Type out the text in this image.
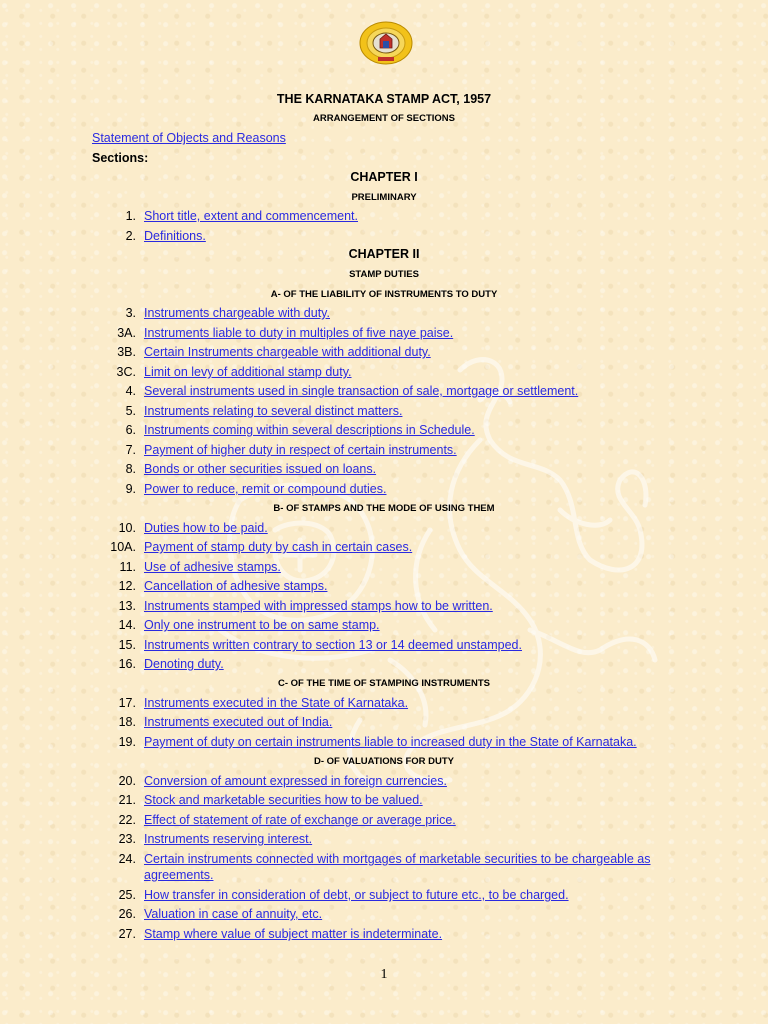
THE KARNATAKA STAMP ACT, 1957
ARRANGEMENT OF SECTIONS
Statement of Objects and Reasons
Sections:
CHAPTER I
PRELIMINARY
1. Short title, extent and commencement.
2. Definitions.
CHAPTER II
STAMP DUTIES
A- OF THE LIABILITY OF INSTRUMENTS TO DUTY
3. Instruments chargeable with duty.
3A. Instruments liable to duty in multiples of five naye paise.
3B. Certain Instruments chargeable with additional duty.
3C. Limit on levy of additional stamp duty.
4. Several instruments used in single transaction of sale, mortgage or settlement.
5. Instruments relating to several distinct matters.
6. Instruments coming within several descriptions in Schedule.
7. Payment of higher duty in respect of certain instruments.
8. Bonds or other securities issued on loans.
9. Power to reduce, remit or compound duties.
B- OF STAMPS AND THE MODE OF USING THEM
10. Duties how to be paid.
10A. Payment of stamp duty by cash in certain cases.
11. Use of adhesive stamps.
12. Cancellation of adhesive stamps.
13. Instruments stamped with impressed stamps how to be written.
14. Only one instrument to be on same stamp.
15. Instruments written contrary to section 13 or 14 deemed unstamped.
16. Denoting duty.
C- OF THE TIME OF STAMPING INSTRUMENTS
17. Instruments executed in the State of Karnataka.
18. Instruments executed out of India.
19. Payment of duty on certain instruments liable to increased duty in the State of Karnataka.
D- OF VALUATIONS FOR DUTY
20. Conversion of amount expressed in foreign currencies.
21. Stock and marketable securities how to be valued.
22. Effect of statement of rate of exchange or average price.
23. Instruments reserving interest.
24. Certain instruments connected with mortgages of marketable securities to be chargeable as agreements.
25. How transfer in consideration of debt, or subject to future etc., to be charged.
26. Valuation in case of annuity, etc.
27. Stamp where value of subject matter is indeterminate.
1
